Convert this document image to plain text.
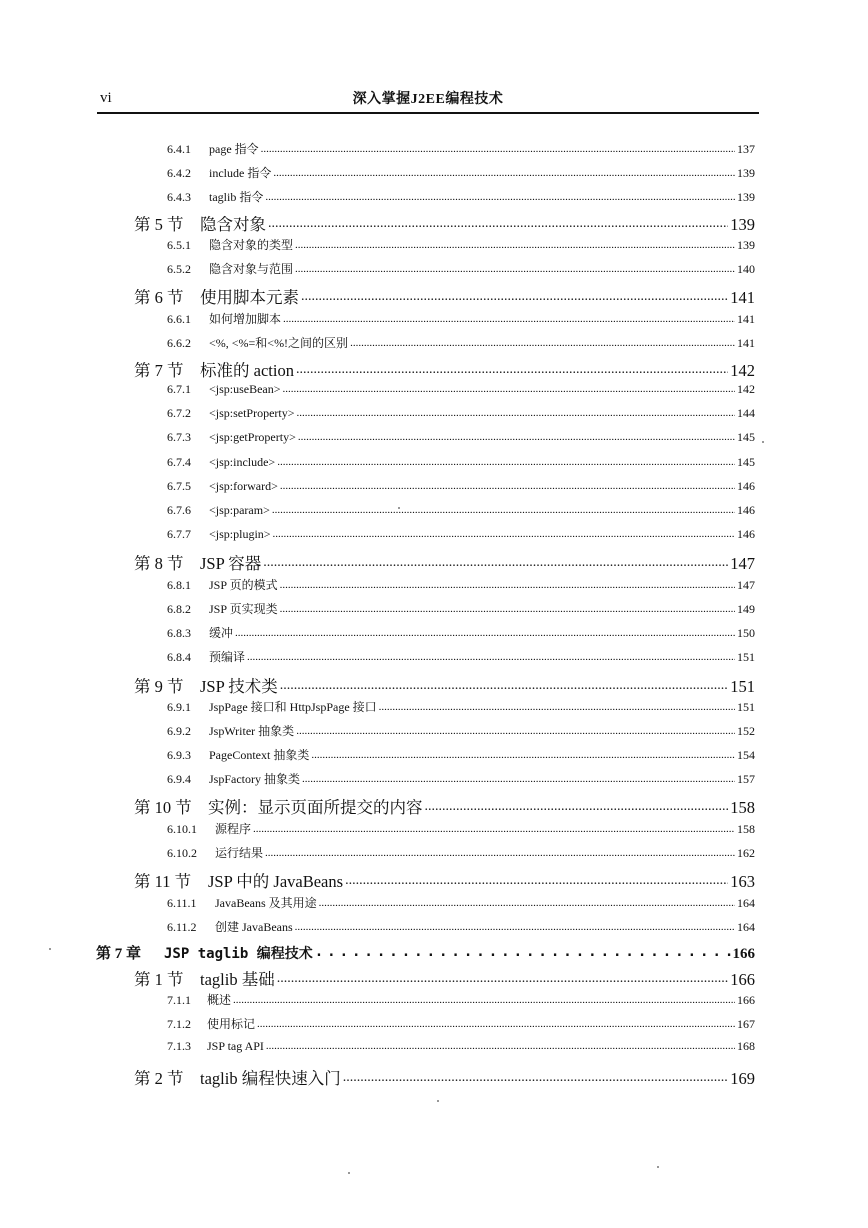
vi	深入掌握J2EE编程技术
6.4.1	page 指令 .....	137
6.4.2	include 指令 .....	139
6.4.3	taglib 指令 .....	139
第 5 节	隐含对象 .....	139
6.5.1	隐含对象的类型 .....	139
6.5.2	隐含对象与范围 .....	140
第 6 节	使用脚本元素 .....	141
6.6.1	如何增加脚本 .....	141
6.6.2	<%, <%=和<%!之间的区别 .....	141
第 7 节	标准的 action .....	142
6.7.1	<jsp:useBean> .....	142
6.7.2	<jsp:setProperty> .....	144
6.7.3	<jsp:getProperty> .....	145
6.7.4	<jsp:include> .....	145
6.7.5	<jsp:forward> .....	146
6.7.6	<jsp:param> .....	146
6.7.7	<jsp:plugin> .....	146
第 8 节	JSP 容器 .....	147
6.8.1	JSP 页的模式 .....	147
6.8.2	JSP 页实现类 .....	149
6.8.3	缓冲 .....	150
6.8.4	预编译 .....	151
第 9 节	JSP 技术类 .....	151
6.9.1	JspPage 接口和 HttpJspPage 接口 .....	151
6.9.2	JspWriter 抽象类 .....	152
6.9.3	PageContext 抽象类 .....	154
6.9.4	JspFactory 抽象类 .....	157
第 10 节 实例：显示页面所提交的内容 .....	158
6.10.1	源程序 .....	158
6.10.2	运行结果 .....	162
第 11 节	JSP 中的 JavaBeans .....	163
6.11.1	JavaBeans 及其用途 .....	164
6.11.2	创建 JavaBeans .....	164
第 7 章	JSP taglib 编程技术 .....	166
第 1 节	taglib 基础 .....	166
7.1.1	概述 .....	166
7.1.2	使用标记 .....	167
7.1.3	JSP tag API .....	168
第 2 节	taglib 编程快速入门 .....	169
